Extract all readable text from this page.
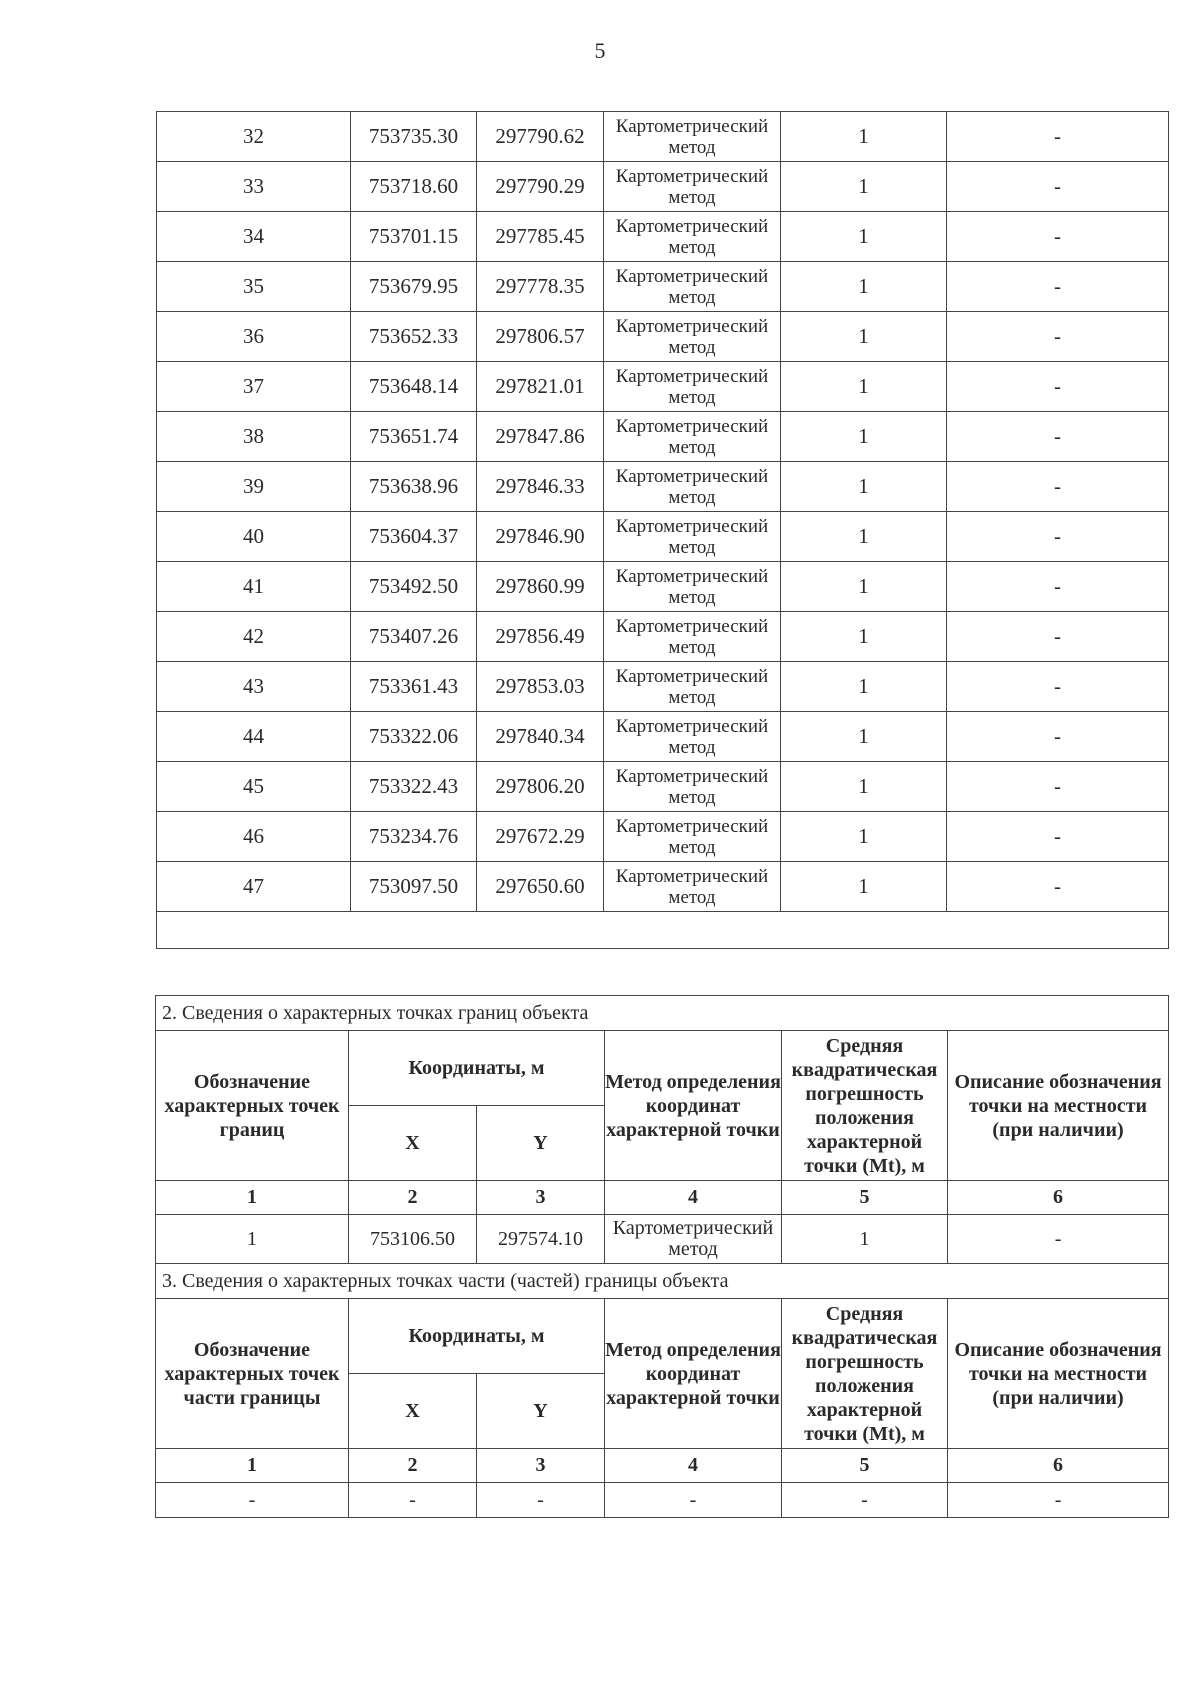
5
32	753735.30	297790.62	Картометрический метод	1	-
33	753718.60	297790.29	Картометрический метод	1	-
34	753701.15	297785.45	Картометрический метод	1	-
35	753679.95	297778.35	Картометрический метод	1	-
36	753652.33	297806.57	Картометрический метод	1	-
37	753648.14	297821.01	Картометрический метод	1	-
38	753651.74	297847.86	Картометрический метод	1	-
39	753638.96	297846.33	Картометрический метод	1	-
40	753604.37	297846.90	Картометрический метод	1	-
41	753492.50	297860.99	Картометрический метод	1	-
42	753407.26	297856.49	Картометрический метод	1	-
43	753361.43	297853.03	Картометрический метод	1	-
44	753322.06	297840.34	Картометрический метод	1	-
45	753322.43	297806.20	Картометрический метод	1	-
46	753234.76	297672.29	Картометрический метод	1	-
47	753097.50	297650.60	Картометрический метод	1	-

2. Сведения о характерных точках границ объекта					
Обозначение характерных точек границ	Координаты, м		Метод определения координат характерной точки	Средняя квадратическая погрешность положения характерной точки (Mt), м	Описание обозначения точки на местности (при наличии)
	X	Y			
1	2	3	4	5	6
1	753106.50	297574.10	Картометрический метод	1	-
3. Сведения о характерных точках части (частей) границы объекта					
Обозначение характерных точек части границы	Координаты, м		Метод определения координат характерной точки	Средняя квадратическая погрешность положения характерной точки (Mt), м	Описание обозначения точки на местности (при наличии)
	X	Y			
1	2	3	4	5	6
-	-	-	-	-	-
